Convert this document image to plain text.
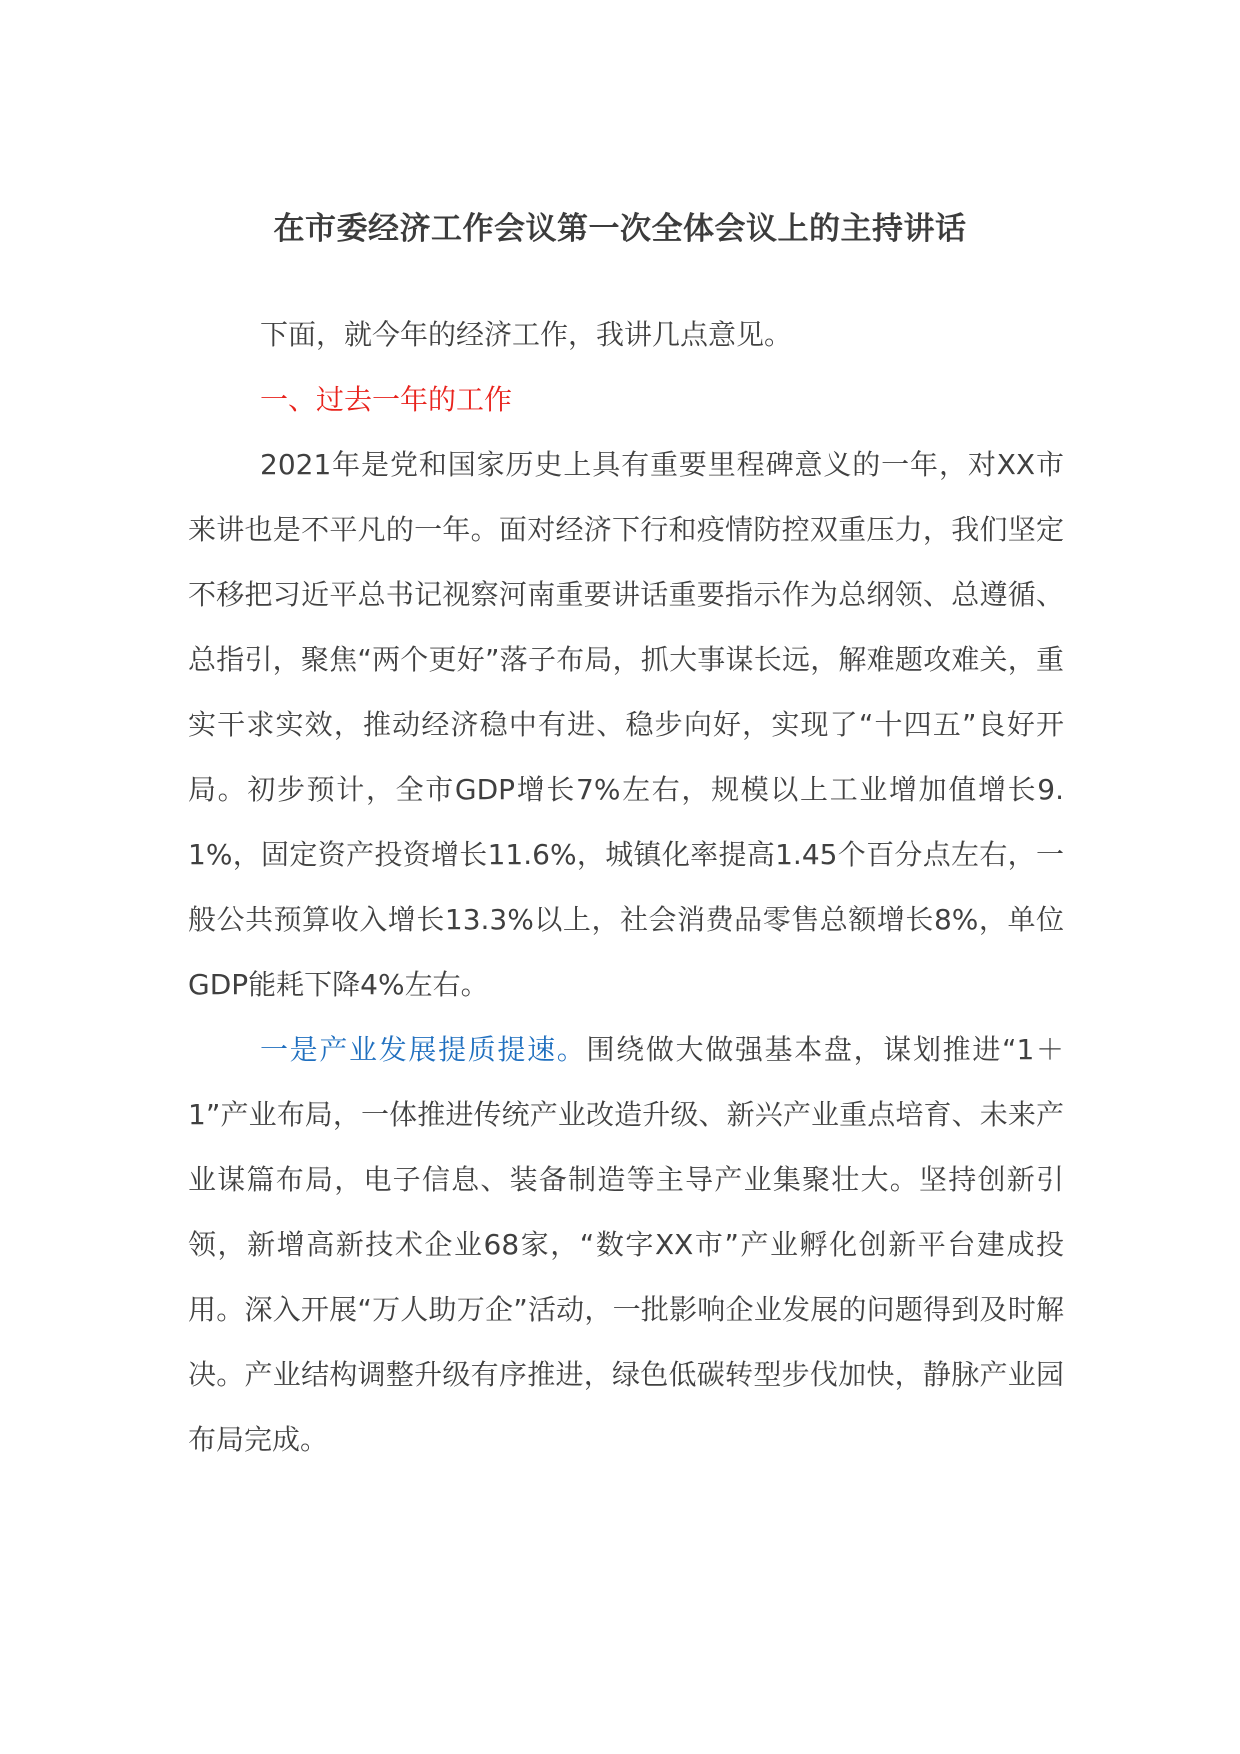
在市委经济工作会议第一次全体会议上的主持讲话

下面，就今年的经济工作，我讲几点意见。

一、过去一年的工作

2021年是党和国家历史上具有重要里程碑意义的一年，对XX市来讲也是不平凡的一年。面对经济下行和疫情防控双重压力，我们坚定不移把习近平总书记视察河南重要讲话重要指示作为总纲领、总遵循、总指引，聚焦“两个更好”落子布局，抓大事谋长远，解难题攻难关，重实干求实效，推动经济稳中有进、稳步向好，实现了“十四五”良好开局。初步预计，全市GDP增长7%左右，规模以上工业增加值增长9.1%，固定资产投资增长11.6%，城镇化率提高1.45个百分点左右，一般公共预算收入增长13.3%以上，社会消费品零售总额增长8%，单位GDP能耗下降4%左右。

一是产业发展提质提速。围绕做大做强基本盘，谋划推进“1＋1”产业布局，一体推进传统产业改造升级、新兴产业重点培育、未来产业谋篇布局，电子信息、装备制造等主导产业集聚壮大。坚持创新引领，新增高新技术企业68家，“数字XX市”产业孵化创新平台建成投用。深入开展“万人助万企”活动，一批影响企业发展的问题得到及时解决。产业结构调整升级有序推进，绿色低碳转型步伐加快，静脉产业园布局完成。
